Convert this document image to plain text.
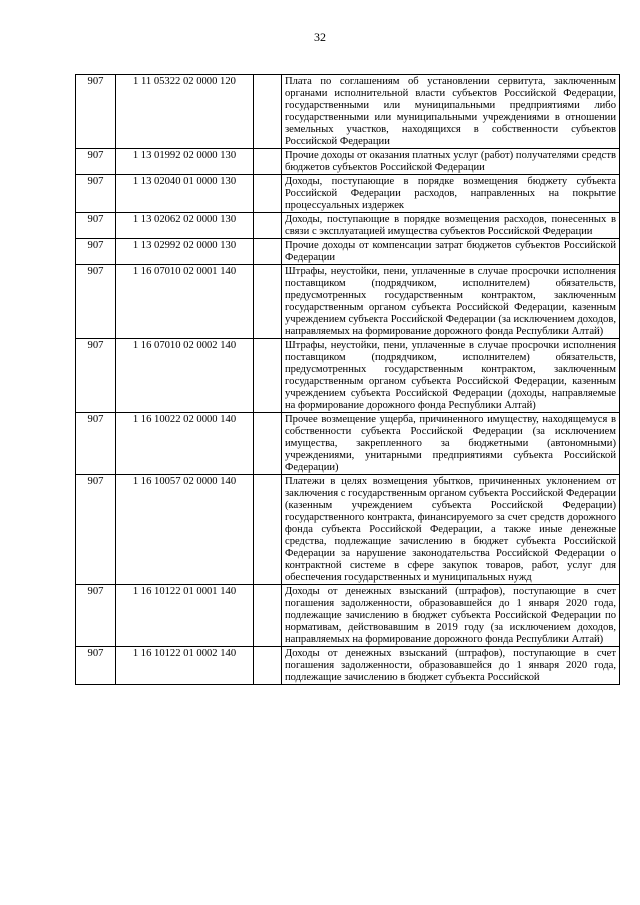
32
907	1 11 05322 02 0000 120		Плата по соглашениям об установлении сервитута, заключенным органами исполнительной власти субъектов Российской Федерации, государственными или муниципальными предприятиями либо государственными или муниципальными учреждениями в отношении земельных участков, находящихся в собственности субъектов Российской Федерации

907	1 13 01992 02 0000 130		Прочие доходы от оказания платных услуг (работ) получателями средств бюджетов субъектов Российской Федерации

907	1 13 02040 01 0000 130		Доходы, поступающие в порядке возмещения бюджету субъекта Российской Федерации расходов, направленных на покрытие процессуальных издержек

907	1 13 02062 02 0000 130		Доходы, поступающие в порядке возмещения расходов, понесенных в связи с эксплуатацией имущества субъектов Российской Федерации

907	1 13 02992 02 0000 130		Прочие доходы от компенсации затрат бюджетов субъектов Российской Федерации

907	1 16 07010 02 0001 140		Штрафы, неустойки, пени, уплаченные в случае просрочки исполнения поставщиком (подрядчиком, исполнителем) обязательств, предусмотренных государственным контрактом, заключенным государственным органом субъекта Российской Федерации, казенным учреждением субъекта Российской Федерации (за исключением доходов, направляемых на формирование дорожного фонда Республики Алтай)

907	1 16 07010 02 0002 140		Штрафы, неустойки, пени, уплаченные в случае просрочки исполнения поставщиком (подрядчиком, исполнителем) обязательств, предусмотренных государственным контрактом, заключенным государственным органом субъекта Российской Федерации, казенным учреждением субъекта Российской Федерации (доходы, направляемые на формирование дорожного фонда Республики Алтай)

907	1 16 10022 02 0000 140		Прочее возмещение ущерба, причиненного имуществу, находящемуся в собственности субъекта Российской Федерации (за исключением имущества, закрепленного за бюджетными (автономными) учреждениями, унитарными предприятиями субъекта Российской Федерации)

907	1 16 10057 02 0000 140		Платежи в целях возмещения убытков, причиненных уклонением от заключения с государственным органом субъекта Российской Федерации (казенным учреждением субъекта Российской Федерации) государственного контракта, финансируемого за счет средств дорожного фонда субъекта Российской Федерации, а также иные денежные средства, подлежащие зачислению в бюджет субъекта Российской Федерации за нарушение законодательства Российской Федерации о контрактной системе в сфере закупок товаров, работ, услуг для обеспечения государственных и муниципальных нужд

907	1 16 10122 01 0001 140		Доходы от денежных взысканий (штрафов), поступающие в счет погашения задолженности, образовавшейся до 1 января 2020 года, подлежащие зачислению в бюджет субъекта Российской Федерации по нормативам, действовавшим в 2019 году (за исключением доходов, направляемых на формирование дорожного фонда Республики Алтай)

907	1 16 10122 01 0002 140		Доходы от денежных взысканий (штрафов), поступающие в счет погашения задолженности, образовавшейся до 1 января 2020 года, подлежащие зачислению в бюджет субъекта Российской
